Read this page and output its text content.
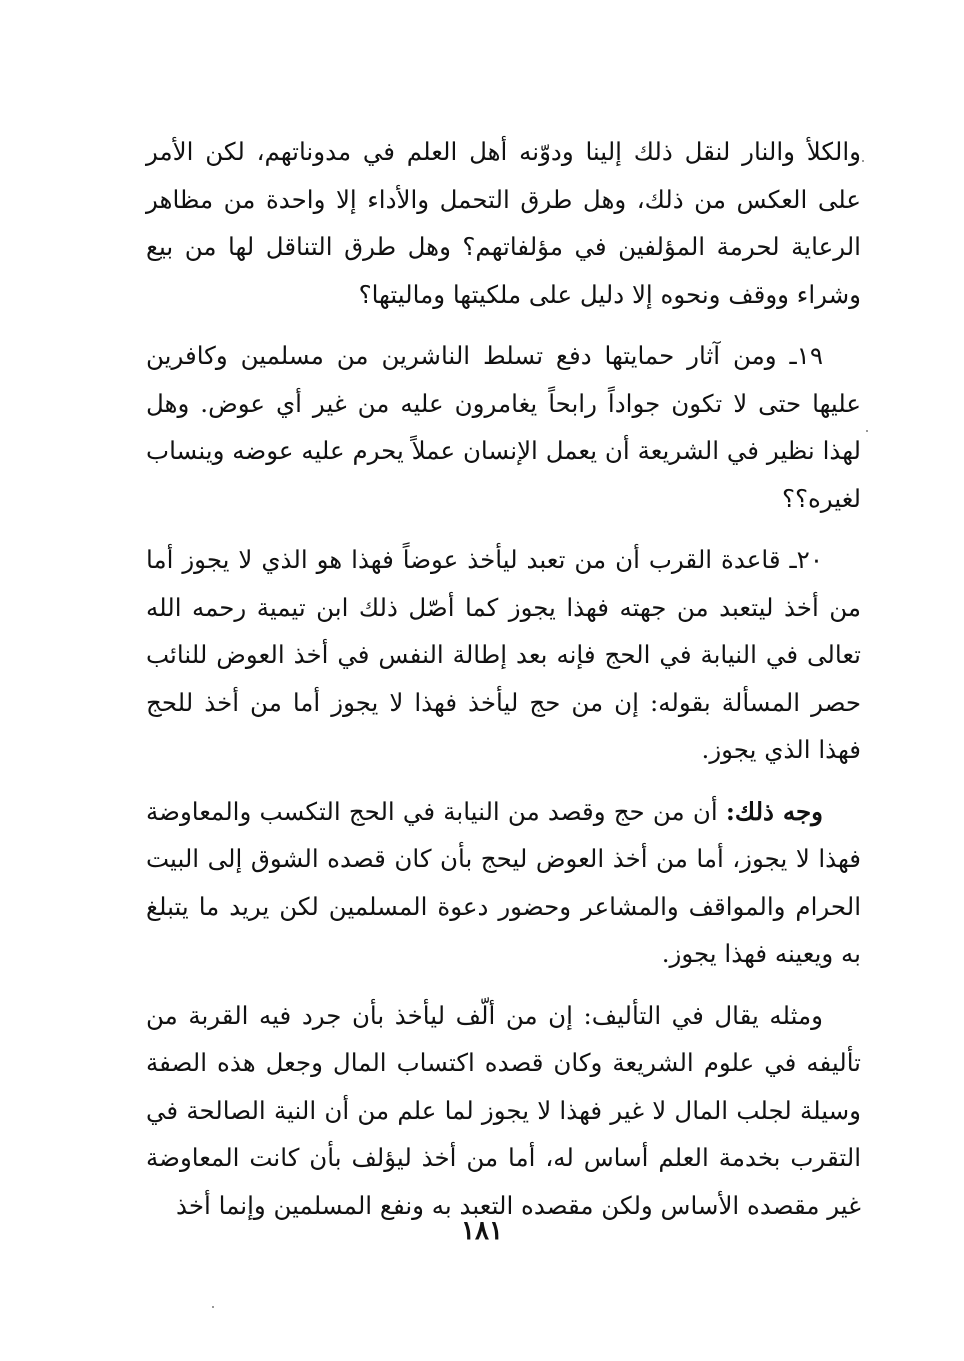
والكلأ والنار لنقل ذلك إلينا ودوّنه أهل العلم في مدوناتهم، لكن الأمر على العكس من ذلك، وهل طرق التحمل والأداء إلا واحدة من مظاهر الرعاية لحرمة المؤلفين في مؤلفاتهم؟ وهل طرق التناقل لها من بيع وشراء ووقف ونحوه إلا دليل على ملكيتها وماليتها؟

١٩ـ ومن آثار حمايتها دفع تسلط الناشرين من مسلمين وكافرين عليها حتى لا تكون جواداً رابحاً يغامرون عليه من غير أي عوض. وهل لهذا نظير في الشريعة أن يعمل الإنسان عملاً يحرم عليه عوضه وينساب لغيره؟؟

٢٠ـ قاعدة القرب أن من تعبد ليأخذ عوضاً فهذا هو الذي لا يجوز أما من أخذ ليتعبد من جهته فهذا يجوز كما أصّل ذلك ابن تيمية رحمه الله تعالى في النيابة في الحج فإنه بعد إطالة النفس في أخذ العوض للنائب حصر المسألة بقوله: إن من حج ليأخذ فهذا لا يجوز أما من أخذ للحج فهذا الذي يجوز.

وجه ذلك: أن من حج وقصد من النيابة في الحج التكسب والمعاوضة فهذا لا يجوز، أما من أخذ العوض ليحج بأن كان قصده الشوق إلى البيت الحرام والمواقف والمشاعر وحضور دعوة المسلمين لكن يريد ما يتبلغ به ويعينه فهذا يجوز.

ومثله يقال في التأليف: إن من ألّف ليأخذ بأن جرد فيه القربة من تأليفه في علوم الشريعة وكان قصده اكتساب المال وجعل هذه الصفة وسيلة لجلب المال لا غير فهذا لا يجوز لما علم من أن النية الصالحة في التقرب بخدمة العلم أساس له، أما من أخذ ليؤلف بأن كانت المعاوضة غير مقصده الأساس ولكن مقصده التعبد به ونفع المسلمين وإنما أخذ

١٨١
